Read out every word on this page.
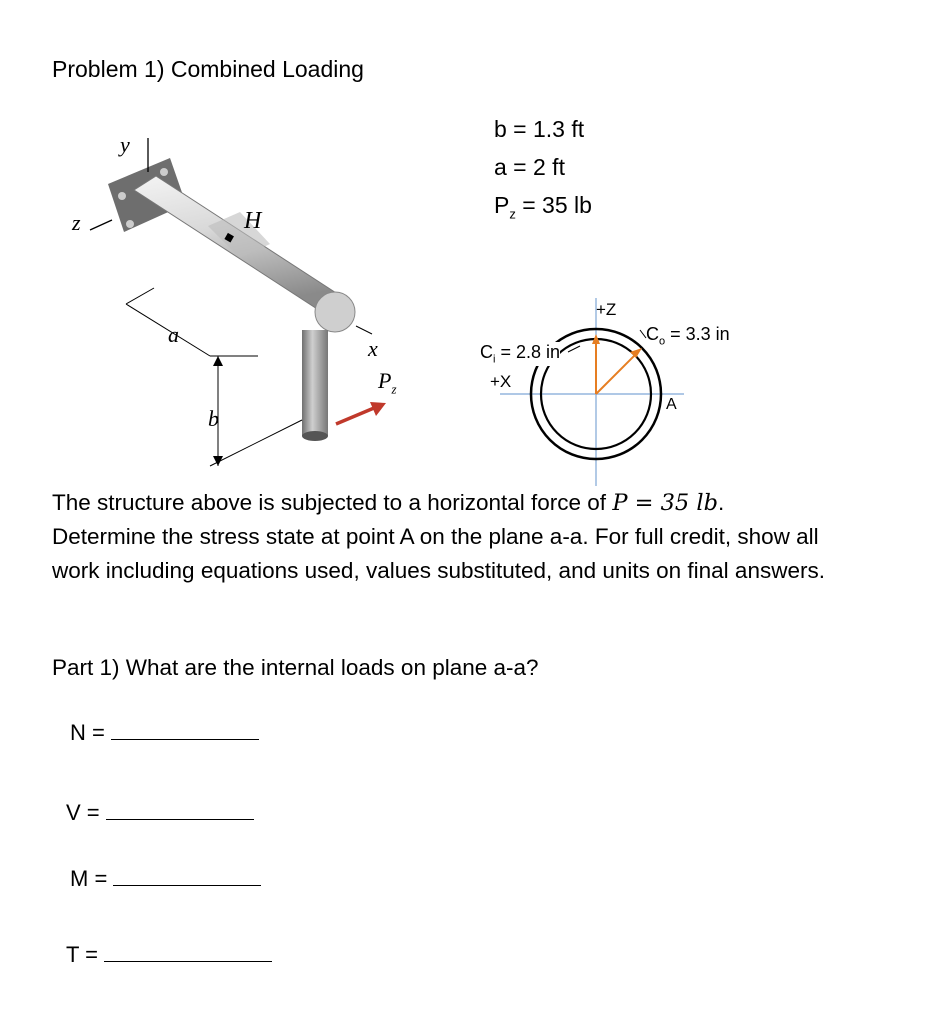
Problem 1) Combined Loading
b = 1.3 ft
a = 2 ft
$P_z = 35$ lb
y
z	H
a
b
x
$P_z$
+Z
+X
$C_i = 2.8$ in
$C_o = 3.3$ in
A
The structure above is subjected to a horizontal force of P = 35 lb. Determine the stress state at point A on the plane a-a. For full credit, show all work including equations used, values substituted, and units on final answers.
Part 1) What are the internal loads on plane a-a?
N =
V =
M =
T =
